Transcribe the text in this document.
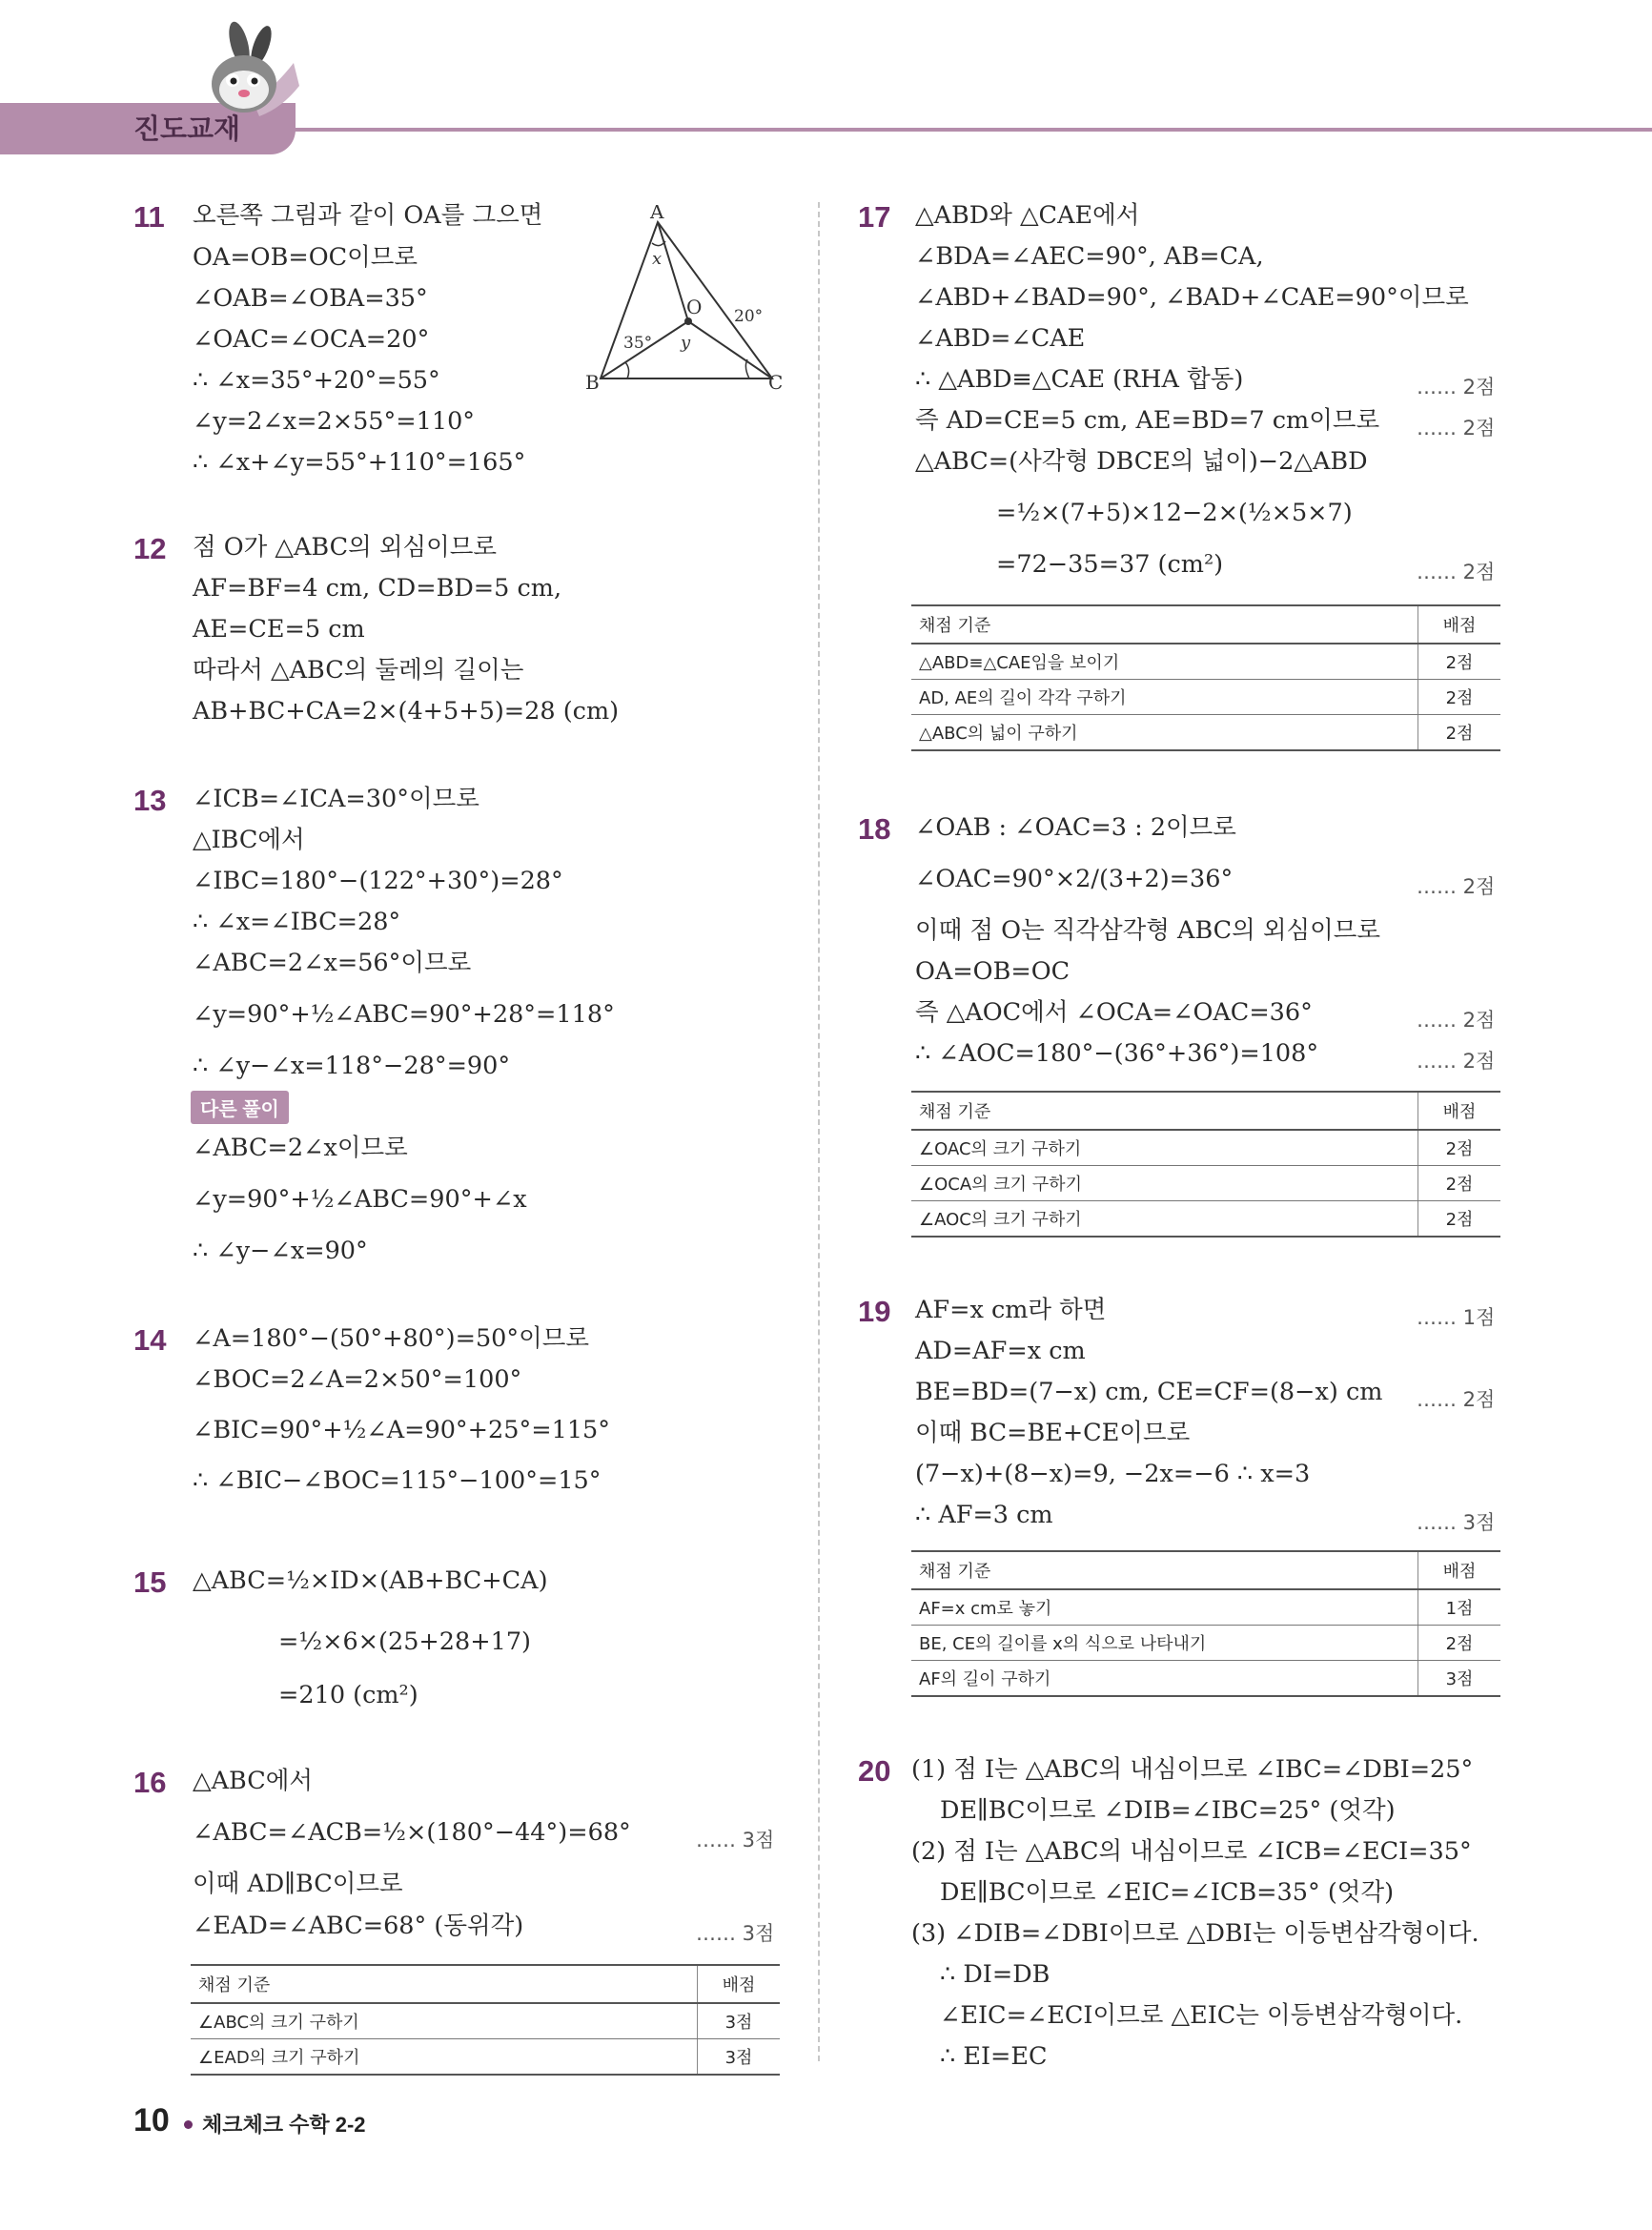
진도교재
11 오른쪽 그림과 같이 OA를 그으면
OA=OB=OC이므로
∠OAB=∠OBA=35°
∠OAC=∠OCA=20°
∴ ∠x=35°+20°=55°
∠y=2∠x=2×55°=110°
∴ ∠x+∠y=55°+110°=165°
A
B	C
O
x
y
35°
20°
12 점 O가 △ABC의 외심이므로
AF=BF=4 cm, CD=BD=5 cm,
AE=CE=5 cm
따라서 △ABC의 둘레의 길이는
AB+BC+CA=2×(4+5+5)=28 (cm)
13 ∠ICB=∠ICA=30°이므로
△IBC에서
∠IBC=180°−(122°+30°)=28°
∴ ∠x=∠IBC=28°
∠ABC=2∠x=56°이므로
∠y=90°+½∠ABC=90°+28°=118°
∴ ∠y−∠x=118°−28°=90°
다른 풀이
∠ABC=2∠x이므로
∠y=90°+½∠ABC=90°+∠x
∴ ∠y−∠x=90°
14 ∠A=180°−(50°+80°)=50°이므로
∠BOC=2∠A=2×50°=100°
∠BIC=90°+½∠A=90°+25°=115°
∴ ∠BIC−∠BOC=115°−100°=15°
15 △ABC=½×ID×(AB+BC+CA)
=½×6×(25+28+17)
=210 (cm²)
16 △ABC에서
∠ABC=∠ACB=½×(180°−44°)=68°	…… 3점
이때 AD∥BC이므로
∠EAD=∠ABC=68° (동위각)	…… 3점
채점 기준	배점
∠ABC의 크기 구하기	3점
∠EAD의 크기 구하기	3점
17 △ABD와 △CAE에서
∠BDA=∠AEC=90°, AB=CA,
∠ABD+∠BAD=90°, ∠BAD+∠CAE=90°이므로
∠ABD=∠CAE
∴ △ABD≡△CAE (RHA 합동)	…… 2점
즉 AD=CE=5 cm, AE=BD=7 cm이므로 …… 2점
△ABC=(사각형 DBCE의 넓이)−2△ABD
=½×(7+5)×12−2×(½×5×7)
=72−35=37 (cm²)	…… 2점
채점 기준	배점
△ABD≡△CAE임을 보이기	2점
AD, AE의 길이 각각 구하기	2점
△ABC의 넓이 구하기	2점
18 ∠OAB : ∠OAC=3 : 2이므로
∠OAC=90°×2/(3+2)=36°	…… 2점
이때 점 O는 직각삼각형 ABC의 외심이므로
OA=OB=OC
즉 △AOC에서 ∠OCA=∠OAC=36°	…… 2점
∴ ∠AOC=180°−(36°+36°)=108°	…… 2점
채점 기준	배점
∠OAC의 크기 구하기	2점
∠OCA의 크기 구하기	2점
∠AOC의 크기 구하기	2점
19 AF=x cm라 하면	…… 1점
AD=AF=x cm
BE=BD=(7−x) cm, CE=CF=(8−x) cm …… 2점
이때 BC=BE+CE이므로
(7−x)+(8−x)=9, −2x=−6 ∴ x=3
∴ AF=3 cm	…… 3점
채점 기준	배점
AF=x cm로 놓기	1점
BE, CE의 길이를 x의 식으로 나타내기	2점
AF의 길이 구하기	3점
20 (1) 점 I는 △ABC의 내심이므로 ∠IBC=∠DBI=25°
DE∥BC이므로 ∠DIB=∠IBC=25° (엇각)
(2) 점 I는 △ABC의 내심이므로 ∠ICB=∠ECI=35°
DE∥BC이므로 ∠EIC=∠ICB=35° (엇각)
(3) ∠DIB=∠DBI이므로 △DBI는 이등변삼각형이다.
∴ DI=DB
∠EIC=∠ECI이므로 △EIC는 이등변삼각형이다.
∴ EI=EC
10 체크체크 수학 2-2
